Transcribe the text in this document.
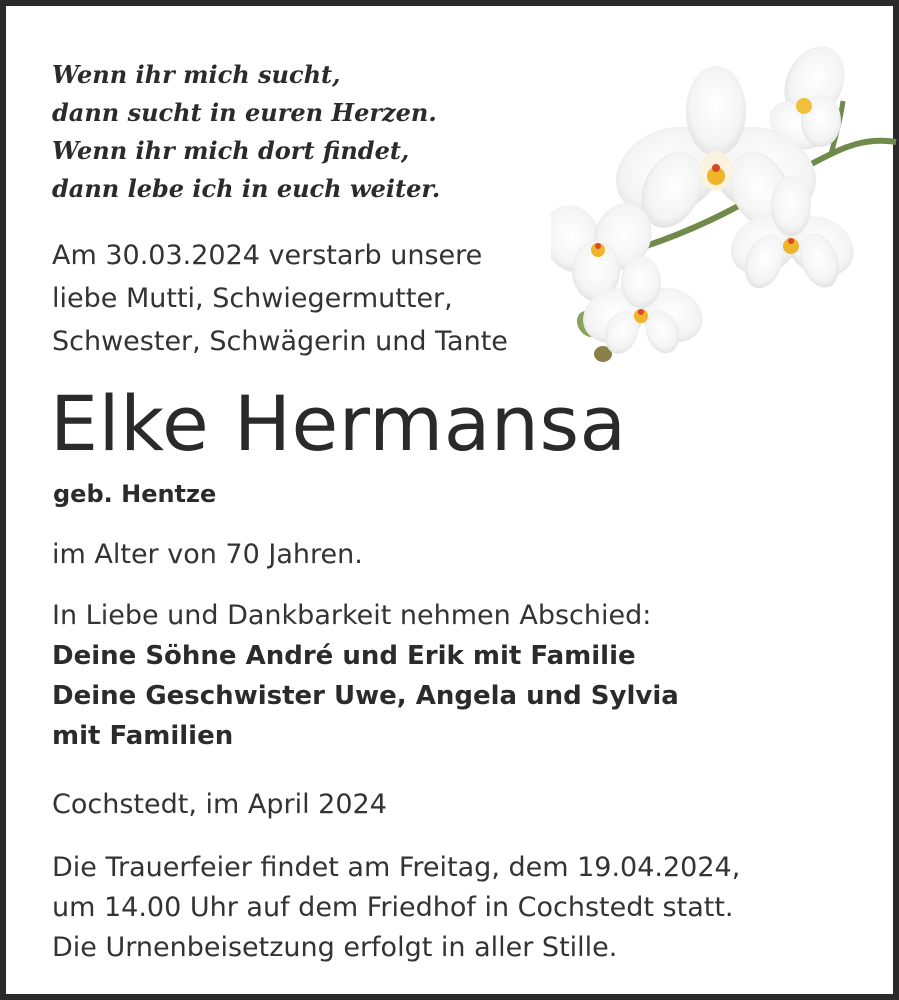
Wenn ihr mich sucht,
dann sucht in euren Herzen.
Wenn ihr mich dort findet,
dann lebe ich in euch weiter.
Am 30.03.2024 verstarb unsere
liebe Mutti, Schwiegermutter,
Schwester, Schwägerin und Tante
Elke Hermansa
geb. Hentze
im Alter von 70 Jahren.
In Liebe und Dankbarkeit nehmen Abschied:
Deine Söhne André und Erik mit Familie
Deine Geschwister Uwe, Angela und Sylvia
mit Familien
Cochstedt, im April 2024
Die Trauerfeier findet am Freitag, dem 19.04.2024,
um 14.00 Uhr auf dem Friedhof in Cochstedt statt.
Die Urnenbeisetzung erfolgt in aller Stille.
